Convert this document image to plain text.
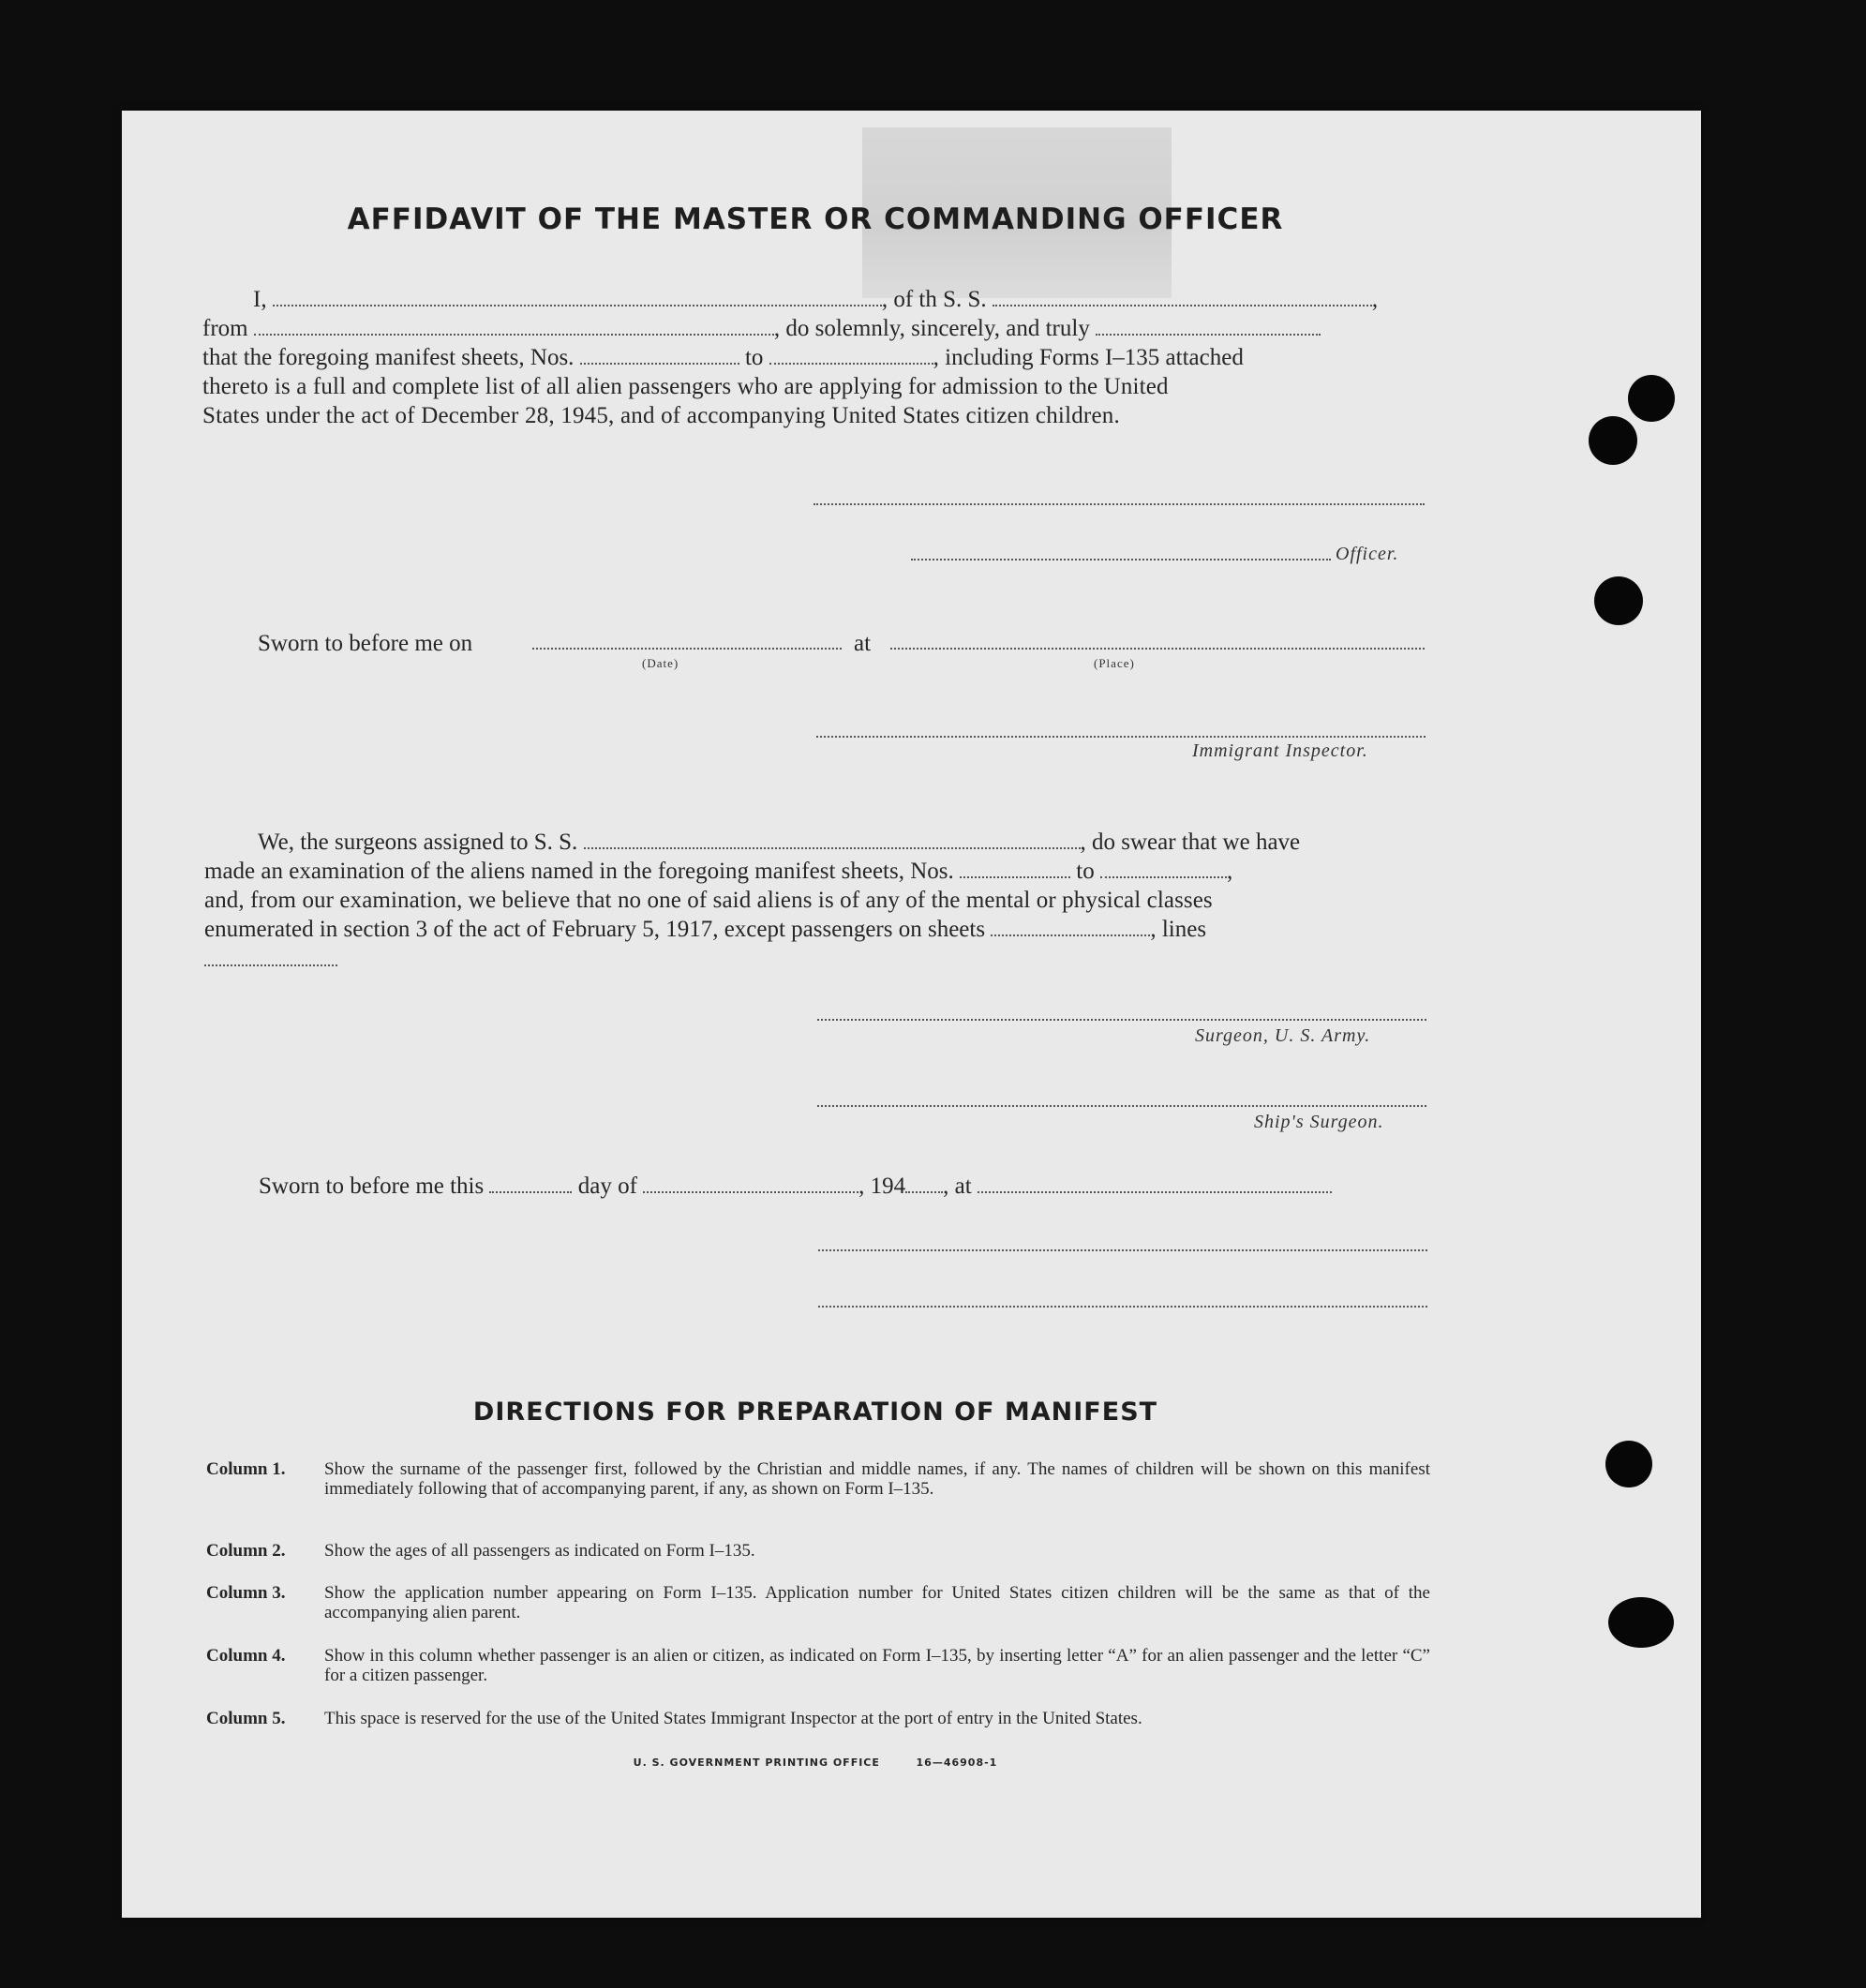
AFFIDAVIT OF THE MASTER OR COMMANDING OFFICER
I,	, of th S. S.	,
from	, do solemnly, sincerely, and truly
that the foregoing manifest sheets, Nos.	to	, including Forms I–135 attached
thereto is a full and complete list of all alien passengers who are applying for admission to the United
States under the act of December 28, 1945, and of accompanying United States citizen children.
Officer.
Sworn to before me on
(Date)
at
(Place)
Immigrant Inspector.
We, the surgeons assigned to S. S.	, do swear that we have
made an examination of the aliens named in the foregoing manifest sheets, Nos.	to	,
and, from our examination, we believe that no one of said aliens is of any of the mental or physical classes
enumerated in section 3 of the act of February 5, 1917, except passengers on sheets	, lines
Surgeon, U. S. Army.
Ship's Surgeon.
Sworn to before me this	day of	, 194 , at
DIRECTIONS FOR PREPARATION OF MANIFEST
Column 1.	Show the surname of the passenger first, followed by the Christian and middle names, if any. The names of children will be shown on this manifest immediately following that of accompanying parent, if any, as shown on Form I–135.
Column 2.	Show the ages of all passengers as indicated on Form I–135.
Column 3.	Show the application number appearing on Form I–135. Application number for United States citizen children will be the same as that of the accompanying alien parent.
Column 4.	Show in this column whether passenger is an alien or citizen, as indicated on Form I–135, by inserting letter “A” for an alien passenger and the letter “C” for a citizen passenger.
Column 5.	This space is reserved for the use of the United States Immigrant Inspector at the port of entry in the United States.
U. S. GOVERNMENT PRINTING OFFICE	16—46908-1
